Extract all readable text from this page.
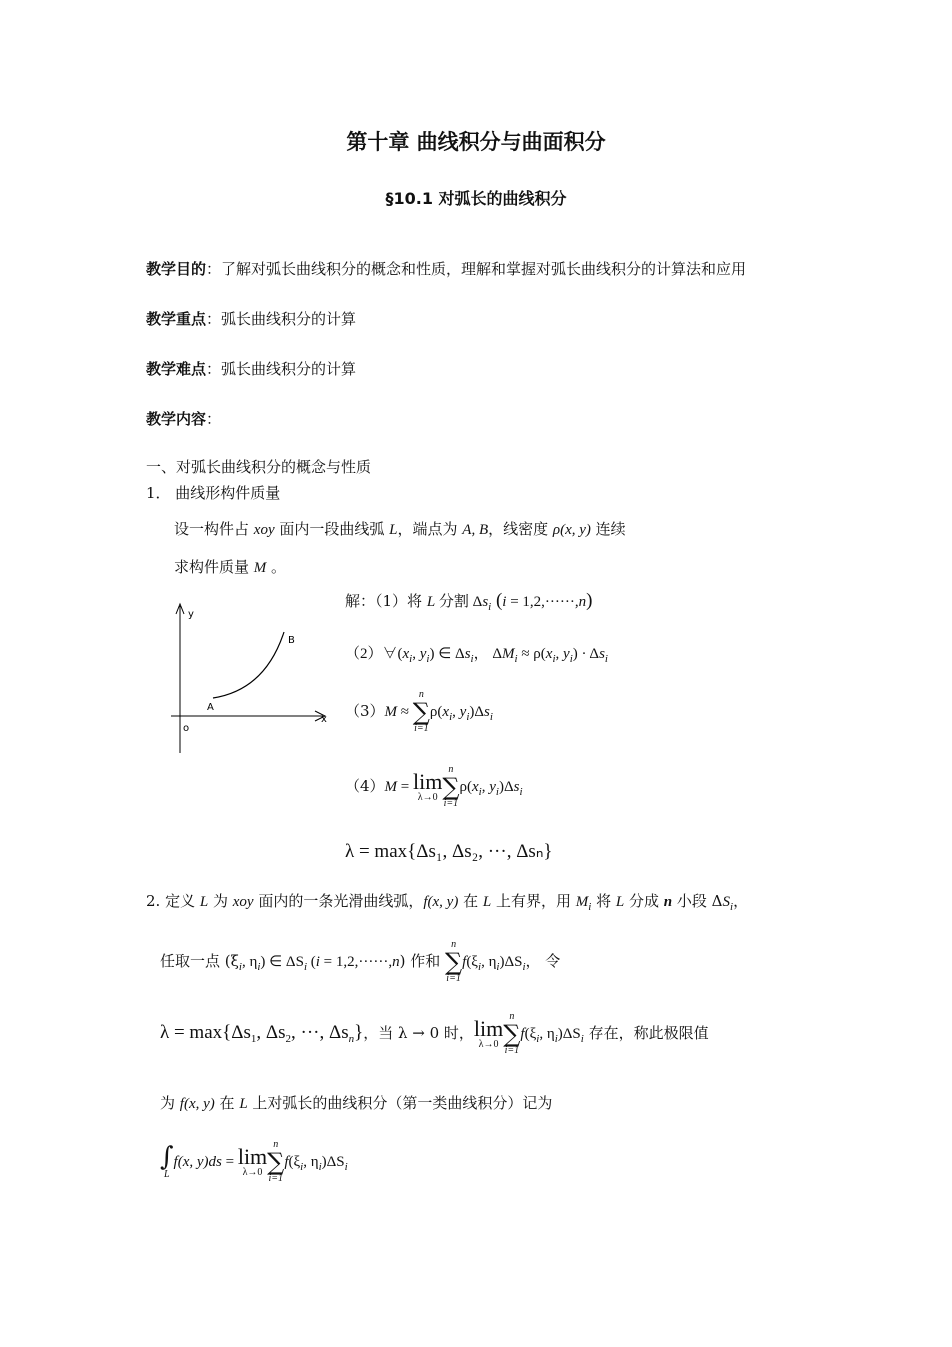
第十章 曲线积分与曲面积分
§10.1 对弧长的曲线积分
教学目的：了解对弧长曲线积分的概念和性质，理解和掌握对弧长曲线积分的计算法和应用
教学重点：弧长曲线积分的计算
教学难点：弧长曲线积分的计算
教学内容：
一、对弧长曲线积分的概念与性质
1． 曲线形构件质量
设一构件占 xoy 面内一段曲线弧 L，端点为 A, B，线密度 ρ(x, y) 连续
求构件质量 M 。
y
x
o
A
B
解：（1）将 L 分割 $\Delta s_i$ (i = 1,2,······,n)
$(2)\forall(x_i$, $y_i$) ∈ $\Delta s_i$， $\Delta M_i \approx \rho(x_i$, $y_i) \cdot \Delta s_i$
（3）M ≈
n
∑
i=1
$\rho(x_i$, $y_i)\Delta s_i$
（4）M = lim
λ→0
n
∑
i=1
$\rho(x_i$, $y_i)\Delta s_i$
λ = max{Δs₁, Δs₂, ···, Δsₙ}
2. 定义 L 为 xoy 面内的一条光滑曲线弧，f(x, y) 在 L 上有界，用 $M_i$ 将 L 分成 n 小段 $\Delta S_i$，
任取一点 ($\xi_i$, $\eta_i$) ∈ $\Delta S_i$ (i = 1,2,······,n) 作和
n
∑
i=1
$f(\xi_i$, $\eta_i)\Delta S_i$， 令
$\lambda = \max\{\Delta s_1$, $\Delta s_2$, ···, $\Delta s_n$}，当 λ → 0 时， lim
λ→0
n
∑
i=1
$f(\xi_i$, $\eta_i)\Delta S_i$ 存在，称此极限值
为 f(x, y) 在 L 上对弧长的曲线积分（第一类曲线积分）记为
∫
L
f(x, y)ds = lim
λ→0
n
∑
i=1
$f(\xi_i$, $\eta_i)\Delta S_i$
